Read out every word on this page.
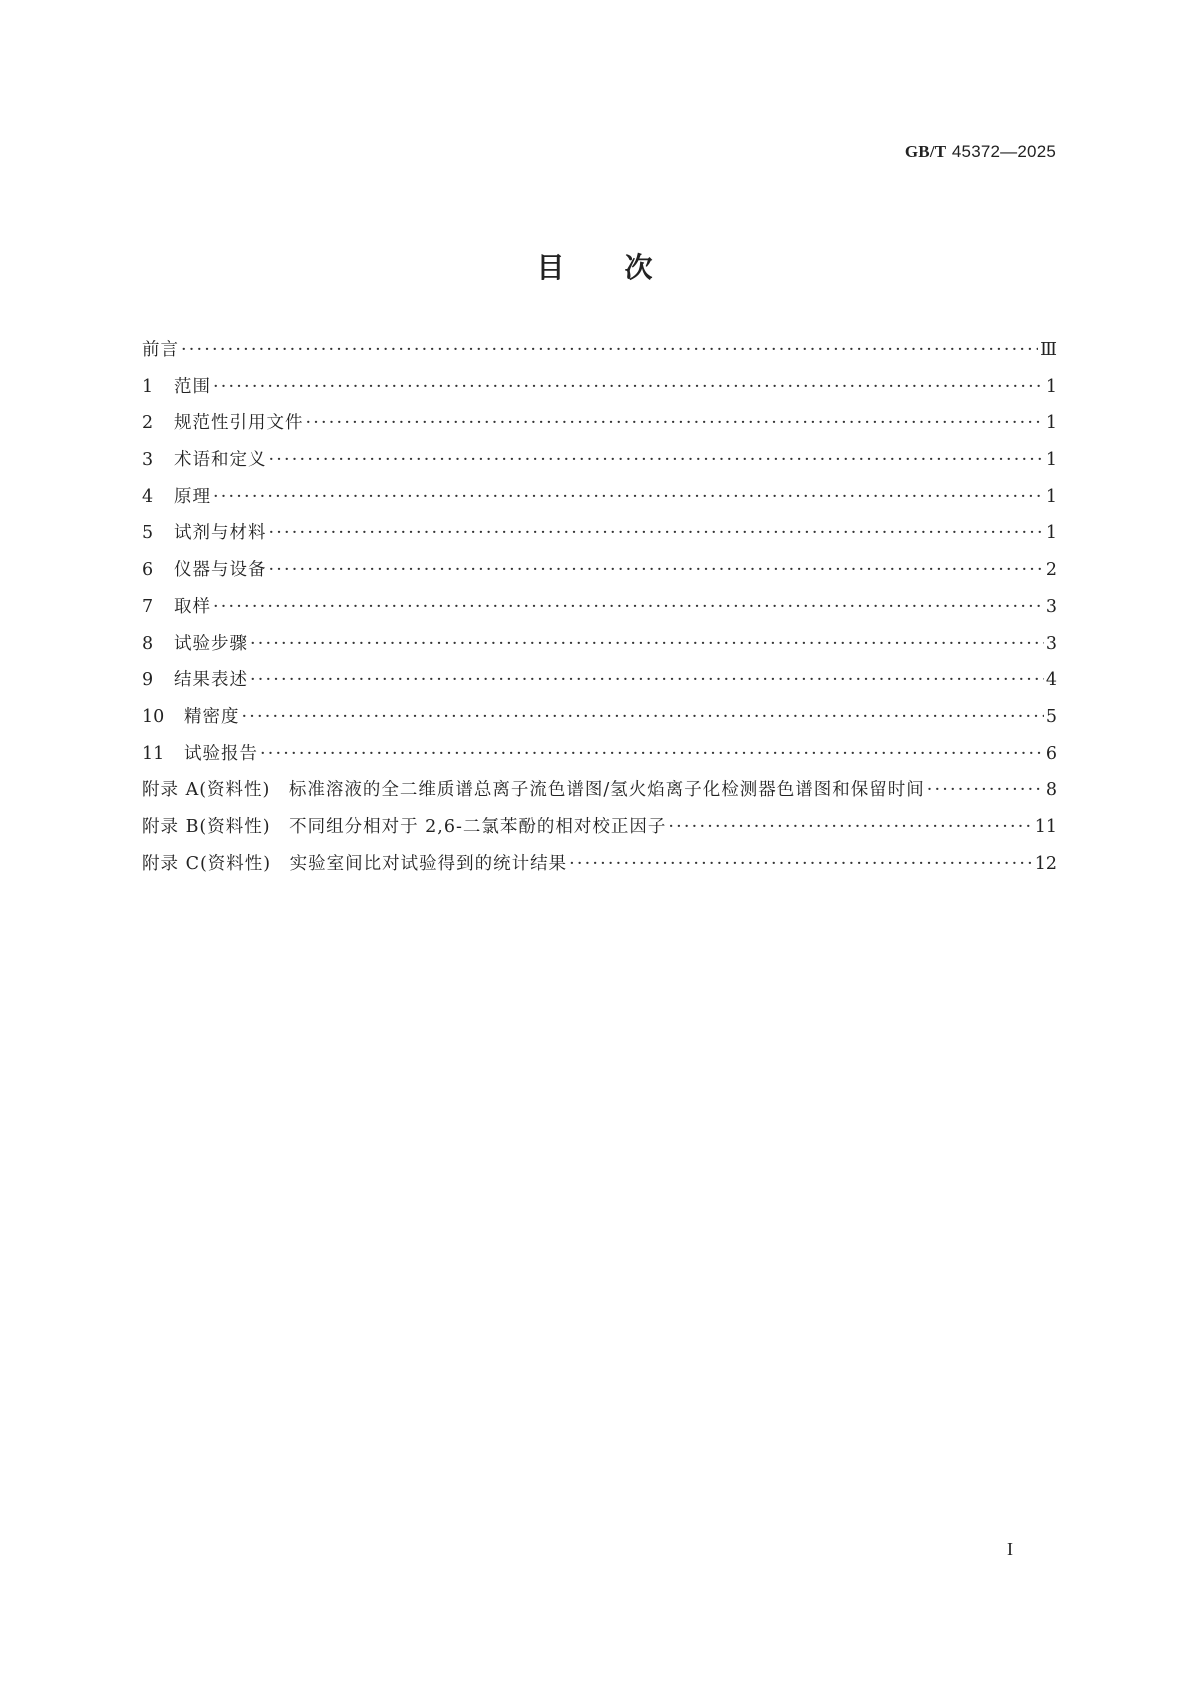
GB/T 45372—2025
目 次
前言 ·····	Ⅲ
1	范围 ·····	1
2	规范性引用文件 ·····	1
3	术语和定义 ·····	1
4	原理 ·····	1
5	试剂与材料 ·····	1
6	仪器与设备 ·····	2
7	取样 ·····	3
8	试验步骤 ·····	3
9	结果表述 ·····	4
10	精密度 ·····	5
11	试验报告 ·····	6
附录 A(资料性)　标准溶液的全二维质谱总离子流色谱图/氢火焰离子化检测器色谱图和保留时间 ·····	8
附录 B(资料性)　不同组分相对于 2,6-二氯苯酚的相对校正因子 ·····	11
附录 C(资料性)　实验室间比对试验得到的统计结果 ·····	12
I
